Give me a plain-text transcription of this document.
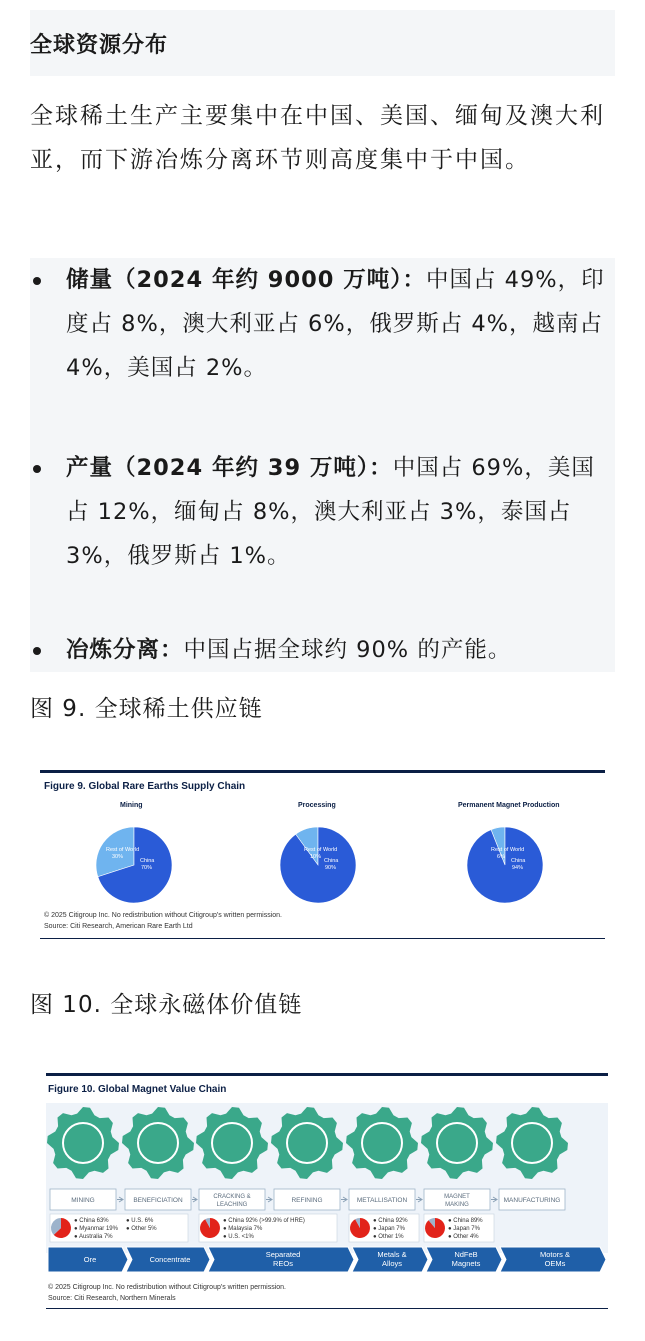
全球资源分布
全球稀土生产主要集中在中国、美国、缅甸及澳大利亚，而下游冶炼分离环节则高度集中于中国。
储量（2024 年约 9000 万吨）：中国占 49%，印度占 8%，澳大利亚占 6%，俄罗斯占 4%，越南占 4%，美国占 2%。
产量（2024 年约 39 万吨）：中国占 69%，美国占 12%，缅甸占 8%，澳大利亚占 3%，泰国占 3%，俄罗斯占 1%。
冶炼分离：中国占据全球约 90% 的产能。
图 9. 全球稀土供应链
Figure 9. Global Rare Earths Supply Chain
Mining	Processing	Permanent Magnet Production
Rest of World
30%
China
70%
Rest of World
10%
China
90%
Rest of World
6%
China
94%
© 2025 Citigroup Inc. No redistribution without Citigroup's written permission.
Source: Citi Research, American Rare Earth Ltd
图 10. 全球永磁体价值链
Figure 10. Global Magnet Value Chain
MINING	BENEFICIATION	CRACKING &
LEACHING
REFINING	METALLISATION	MAGNET
MAKING
MANUFACTURING
● China 63%	● U.S. 6%
● Myanmar 19% ● Other 5%
● Australia 7%
● China 92% (>99.9% of HRE)
● Malaysia 7%
● U.S. <1%
● China 92%
● Japan 7%
● Other 1%
● China 89%
● Japan 7%
● Other 4%
Ore	Concentrate
Separated
REOs
Metals &
Alloys
NdFeB
Magnets
Motors &
OEMs
© 2025 Citigroup Inc. No redistribution without Citigroup's written permission.
Source: Citi Research, Northern Minerals
